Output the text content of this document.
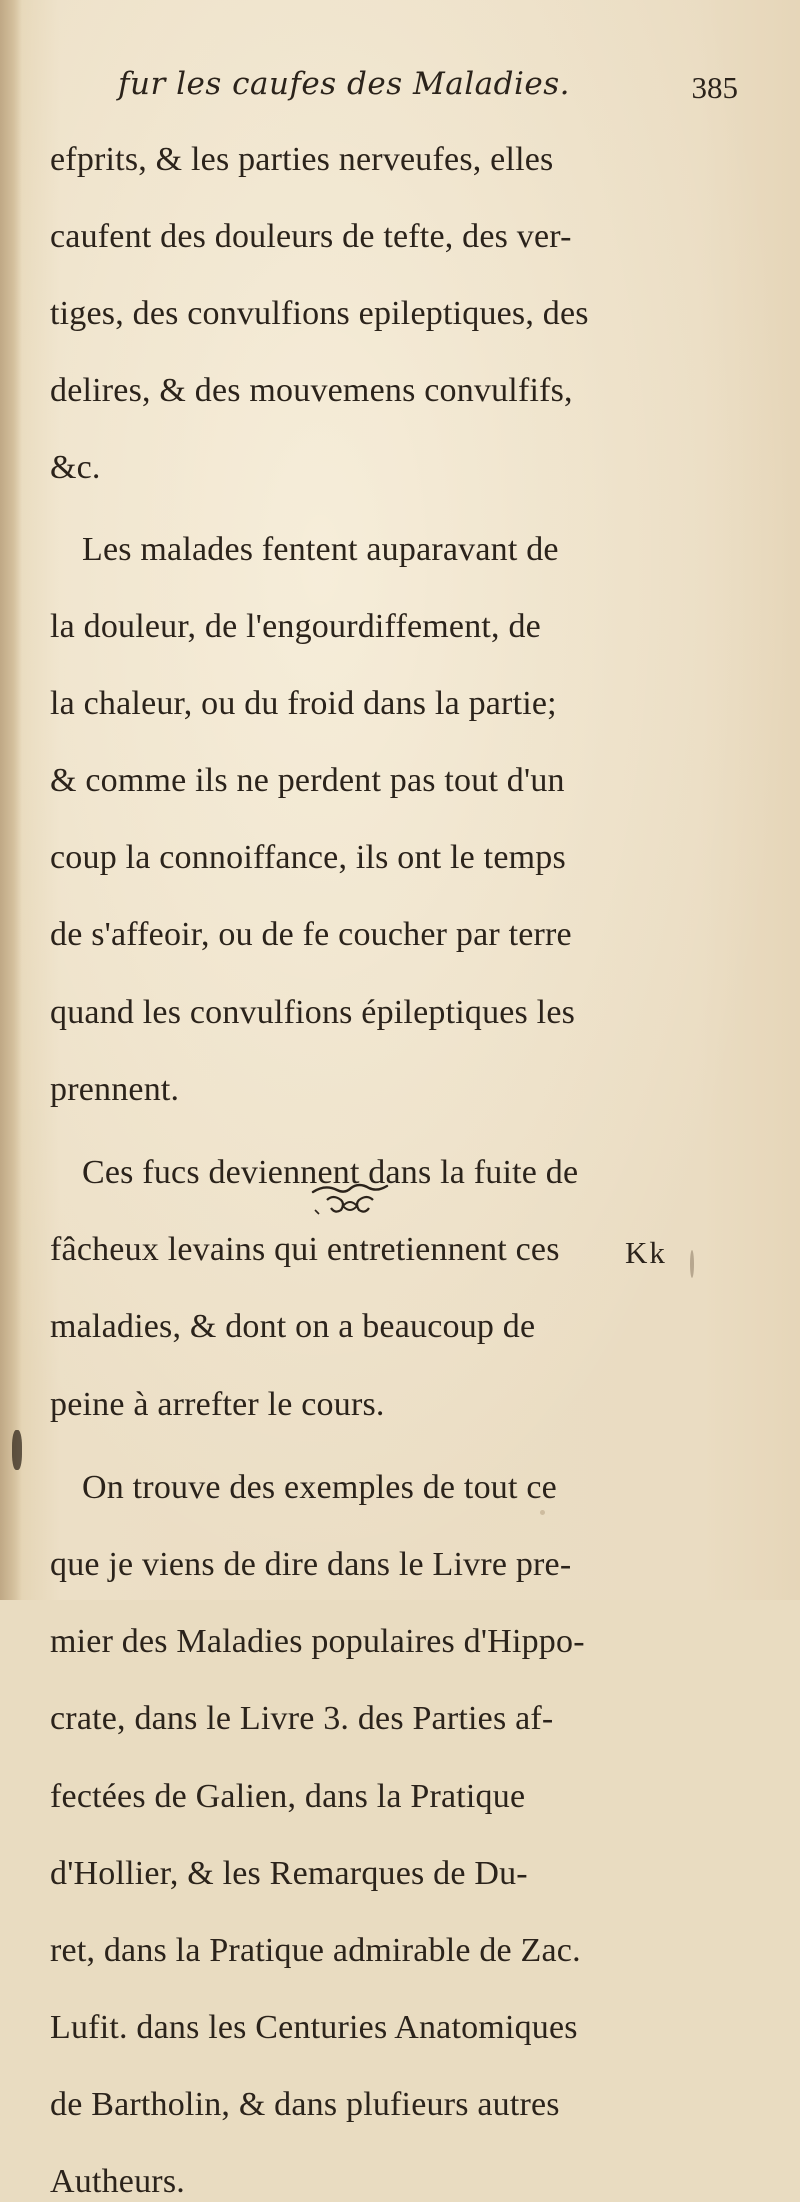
fur les caufes des Maladies.	385

efprits, & les parties nerveufes, elles

caufent des douleurs de tefte, des ver-

tiges, des convulfions epileptiques, des

delires, & des mouvemens convulfifs,

&c.

Les malades fentent auparavant de

la douleur, de l'engourdiffement, de

la chaleur, ou du froid dans la partie;

& comme ils ne perdent pas tout d'un

coup la connoiffance, ils ont le temps

de s'affeoir, ou de fe coucher par terre

quand les convulfions épileptiques les

prennent.

Ces fucs deviennent dans la fuite de

fâcheux levains qui entretiennent ces

maladies, & dont on a beaucoup de

peine à arrefter le cours.

On trouve des exemples de tout ce

que je viens de dire dans le Livre pre-

mier des Maladies populaires d'Hippo-

crate, dans le Livre 3. des Parties af-

fectées de Galien, dans la Pratique

d'Hollier, & les Remarques de Du-

ret, dans la Pratique admirable de Zac.

Lufit. dans les Centuries Anatomiques

de Bartholin, & dans plufieurs autres

Autheurs.

Kk
